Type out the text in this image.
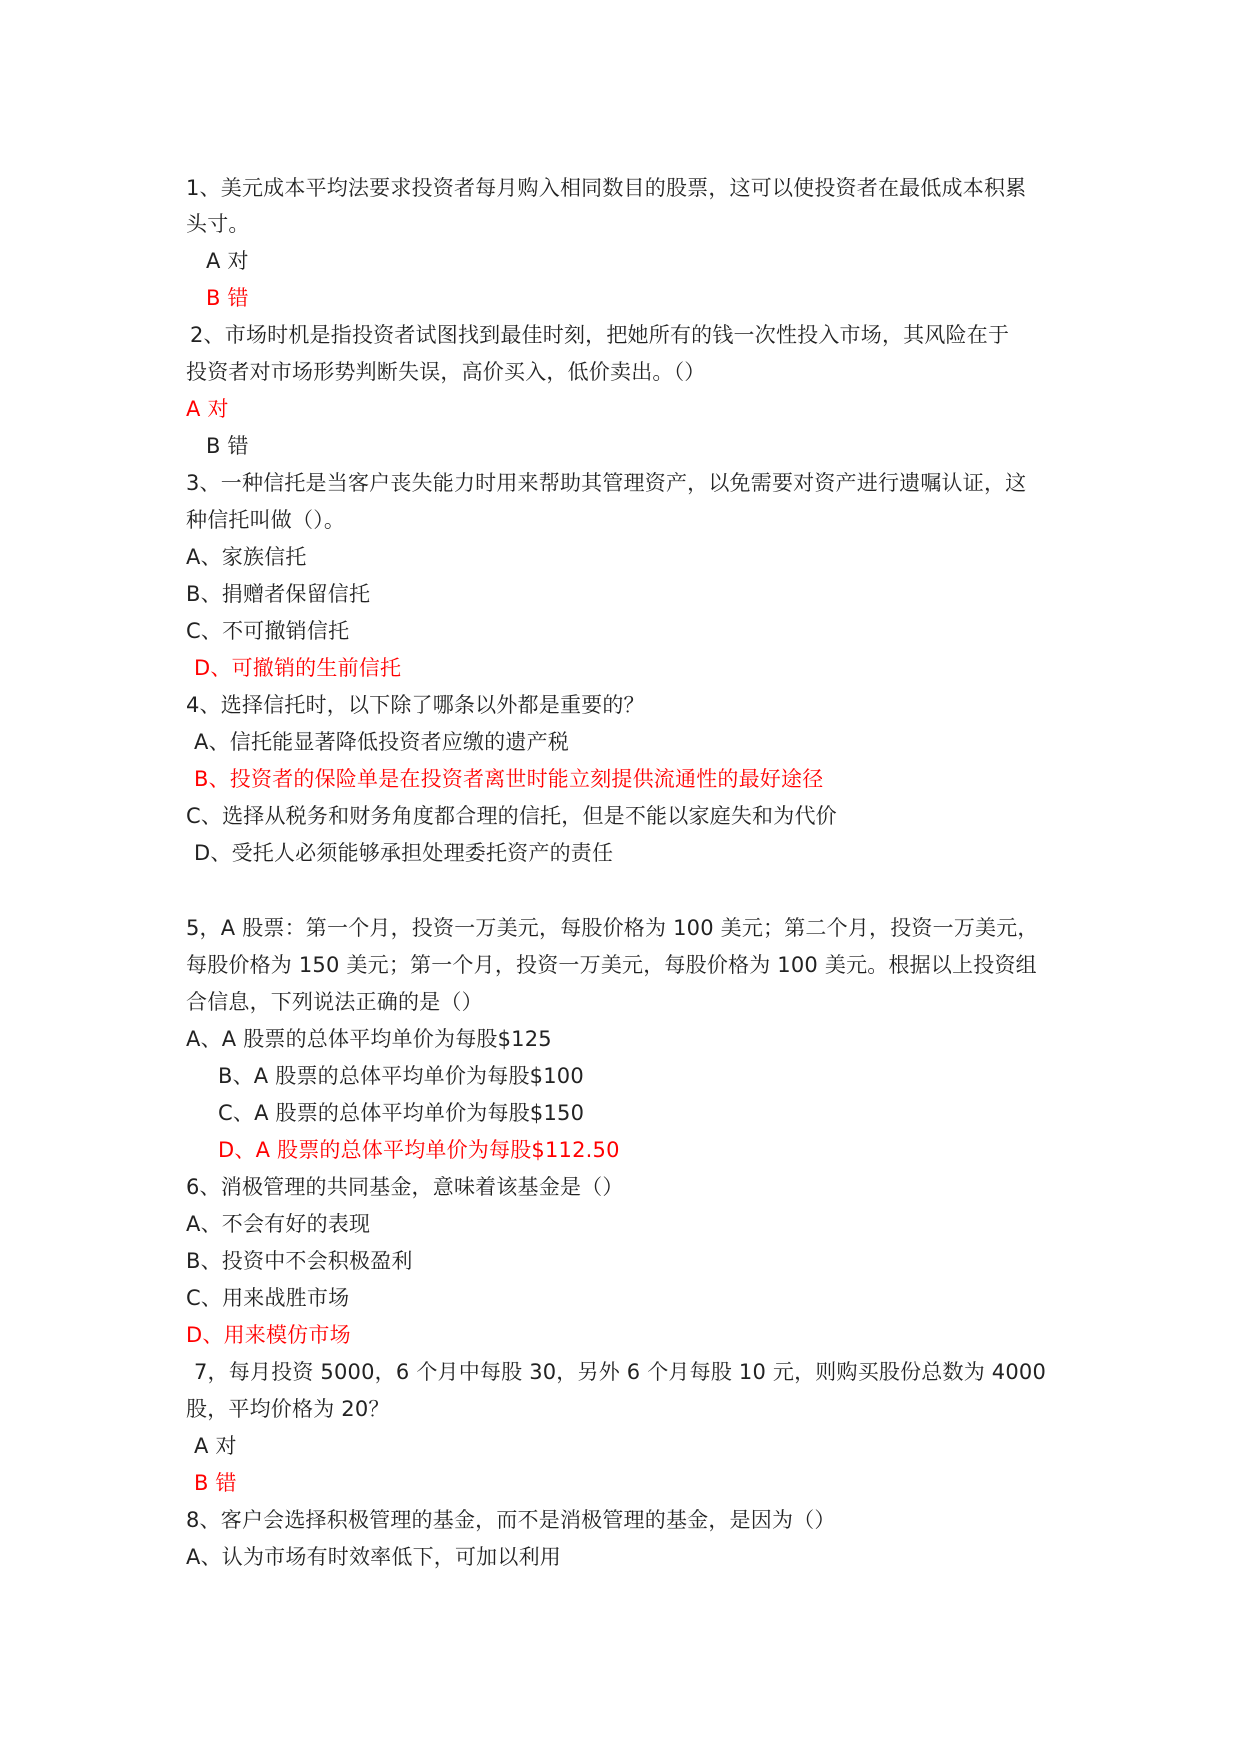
1、美元成本平均法要求投资者每月购入相同数目的股票，这可以使投资者在最低成本积累
头寸。
A 对
B 错
2、市场时机是指投资者试图找到最佳时刻，把她所有的钱一次性投入市场，其风险在于
投资者对市场形势判断失误，高价买入，低价卖出。（）
A 对
B 错
3、一种信托是当客户丧失能力时用来帮助其管理资产，以免需要对资产进行遗嘱认证，这
种信托叫做（）。
A、家族信托
B、捐赠者保留信托
C、不可撤销信托
D、可撤销的生前信托
4、选择信托时，以下除了哪条以外都是重要的？
A、信托能显著降低投资者应缴的遗产税
B、投资者的保险单是在投资者离世时能立刻提供流通性的最好途径
C、选择从税务和财务角度都合理的信托，但是不能以家庭失和为代价
D、受托人必须能够承担处理委托资产的责任
5，A 股票：第一个月，投资一万美元，每股价格为 100 美元；第二个月，投资一万美元，
每股价格为 150 美元；第一个月，投资一万美元，每股价格为 100 美元。根据以上投资组
合信息，下列说法正确的是（）
A、A 股票的总体平均单价为每股$125
B、A 股票的总体平均单价为每股$100
C、A 股票的总体平均单价为每股$150
D、A 股票的总体平均单价为每股$112.50
6、消极管理的共同基金，意味着该基金是（）
A、不会有好的表现
B、投资中不会积极盈利
C、用来战胜市场
D、用来模仿市场
7，每月投资 5000，6 个月中每股 30，另外 6 个月每股 10 元，则购买股份总数为 4000
股，平均价格为 20？
A 对
B 错
8、客户会选择积极管理的基金，而不是消极管理的基金，是因为（）
A、认为市场有时效率低下，可加以利用
